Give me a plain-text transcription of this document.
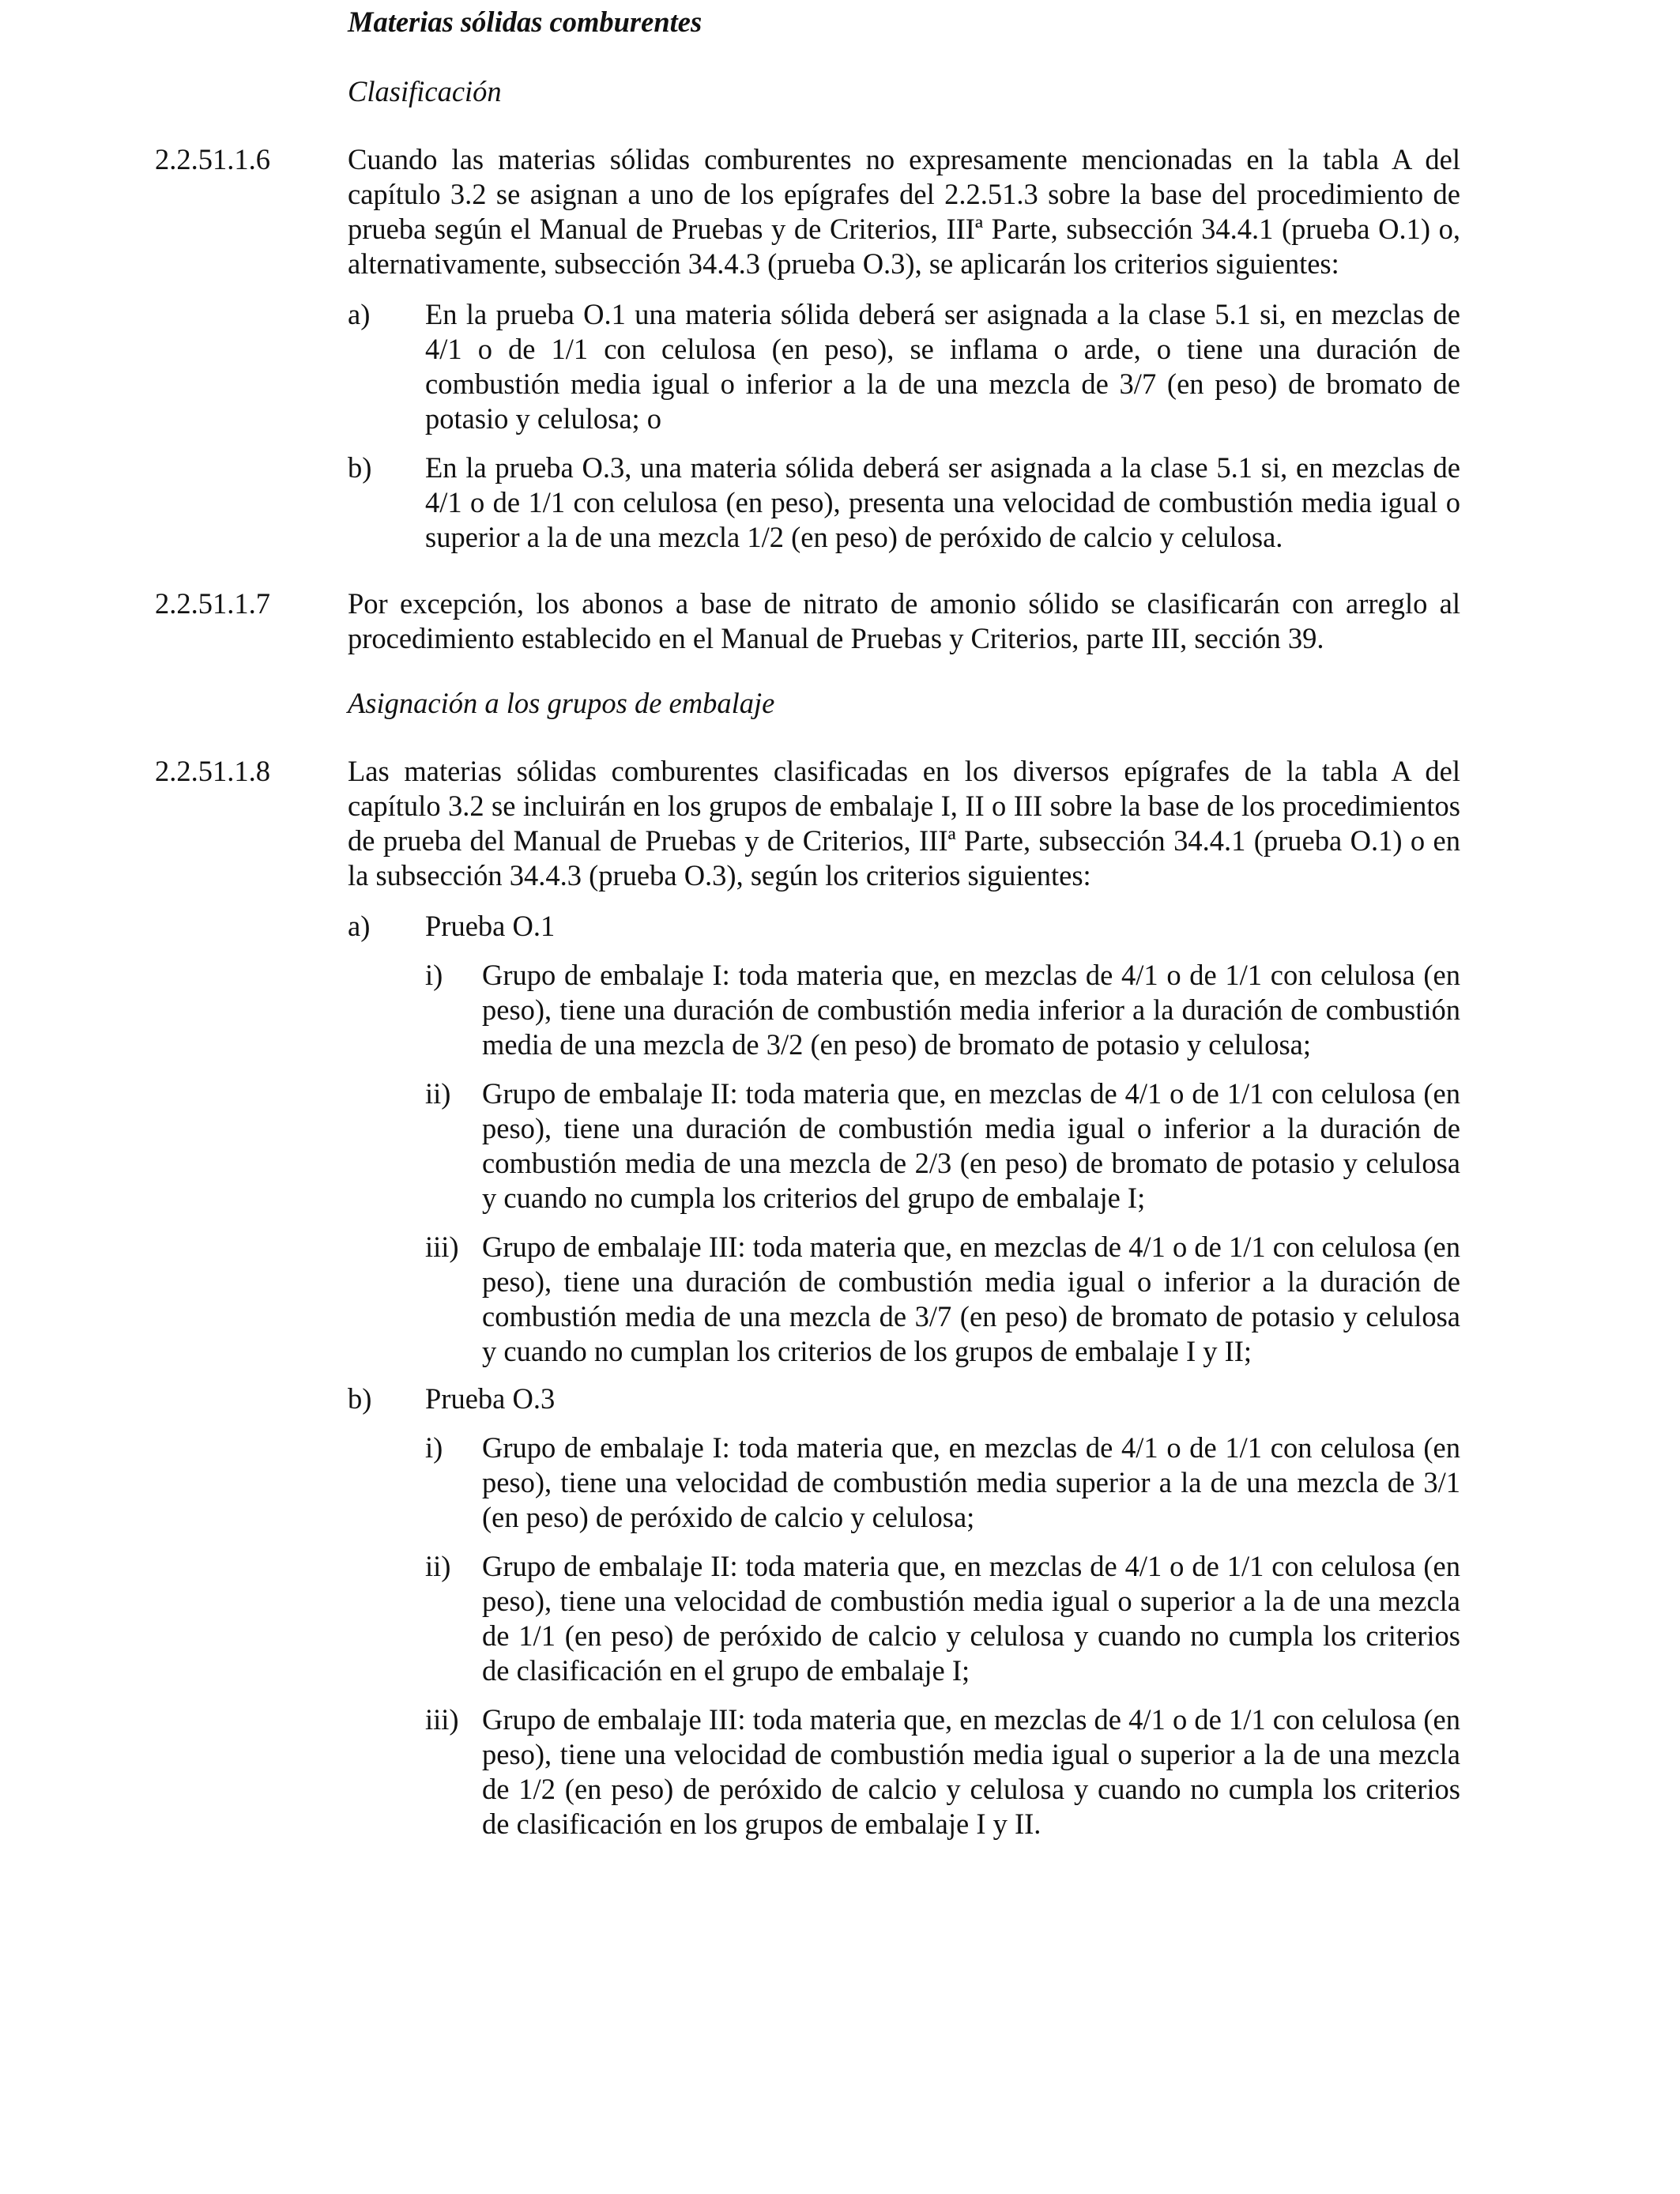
Materias sólidas comburentes
Clasificación
2.2.51.1.6	Cuando las materias sólidas comburentes no expresamente mencionadas en la tabla A del capítulo 3.2 se asignan a uno de los epígrafes del 2.2.51.3 sobre la base del procedimiento de prueba según el Manual de Pruebas y de Criterios, IIIª Parte, subsección 34.4.1 (prueba O.1) o, alternativamente, subsección 34.4.3 (prueba O.3), se aplicarán los criterios siguientes:
a) En la prueba O.1 una materia sólida deberá ser asignada a la clase 5.1 si, en mezclas de 4/1 o de 1/1 con celulosa (en peso), se inflama o arde, o tiene una duración de combustión media igual o inferior a la de una mezcla de 3/7 (en peso) de bromato de potasio y celulosa; o
b) En la prueba O.3, una materia sólida deberá ser asignada a la clase 5.1 si, en mezclas de 4/1 o de 1/1 con celulosa (en peso), presenta una velocidad de combustión media igual o superior a la de una mezcla 1/2 (en peso) de peróxido de calcio y celulosa.
2.2.51.1.7	Por excepción, los abonos a base de nitrato de amonio sólido se clasificarán con arreglo al procedimiento establecido en el Manual de Pruebas y Criterios, parte III, sección 39.
Asignación a los grupos de embalaje
2.2.51.1.8	Las materias sólidas comburentes clasificadas en los diversos epígrafes de la tabla A del capítulo 3.2 se incluirán en los grupos de embalaje I, II o III sobre la base de los procedimientos de prueba del Manual de Pruebas y de Criterios, IIIª Parte, subsección 34.4.1 (prueba O.1) o en la subsección 34.4.3 (prueba O.3), según los criterios siguientes:
a) Prueba O.1
i) Grupo de embalaje I: toda materia que, en mezclas de 4/1 o de 1/1 con celulosa (en peso), tiene una duración de combustión media inferior a la duración de combustión media de una mezcla de 3/2 (en peso) de bromato de potasio y celulosa;
ii) Grupo de embalaje II: toda materia que, en mezclas de 4/1 o de 1/1 con celulosa (en peso), tiene una duración de combustión media igual o inferior a la duración de combustión media de una mezcla de 2/3 (en peso) de bromato de potasio y celulosa y cuando no cumpla los criterios del grupo de embalaje I;
iii) Grupo de embalaje III: toda materia que, en mezclas de 4/1 o de 1/1 con celulosa (en peso), tiene una duración de combustión media igual o inferior a la duración de combustión media de una mezcla de 3/7 (en peso) de bromato de potasio y celulosa y cuando no cumplan los criterios de los grupos de embalaje I y II;
b) Prueba O.3
i) Grupo de embalaje I: toda materia que, en mezclas de 4/1 o de 1/1 con celulosa (en peso), tiene una velocidad de combustión media superior a la de una mezcla de 3/1 (en peso) de peróxido de calcio y celulosa;
ii) Grupo de embalaje II: toda materia que, en mezclas de 4/1 o de 1/1 con celulosa (en peso), tiene una velocidad de combustión media igual o superior a la de una mezcla de 1/1 (en peso) de peróxido de calcio y celulosa y cuando no cumpla los criterios de clasificación en el grupo de embalaje I;
iii) Grupo de embalaje III: toda materia que, en mezclas de 4/1 o de 1/1 con celulosa (en peso), tiene una velocidad de combustión media igual o superior a la de una mezcla de 1/2 (en peso) de peróxido de calcio y celulosa y cuando no cumpla los criterios de clasificación en los grupos de embalaje I y II.
